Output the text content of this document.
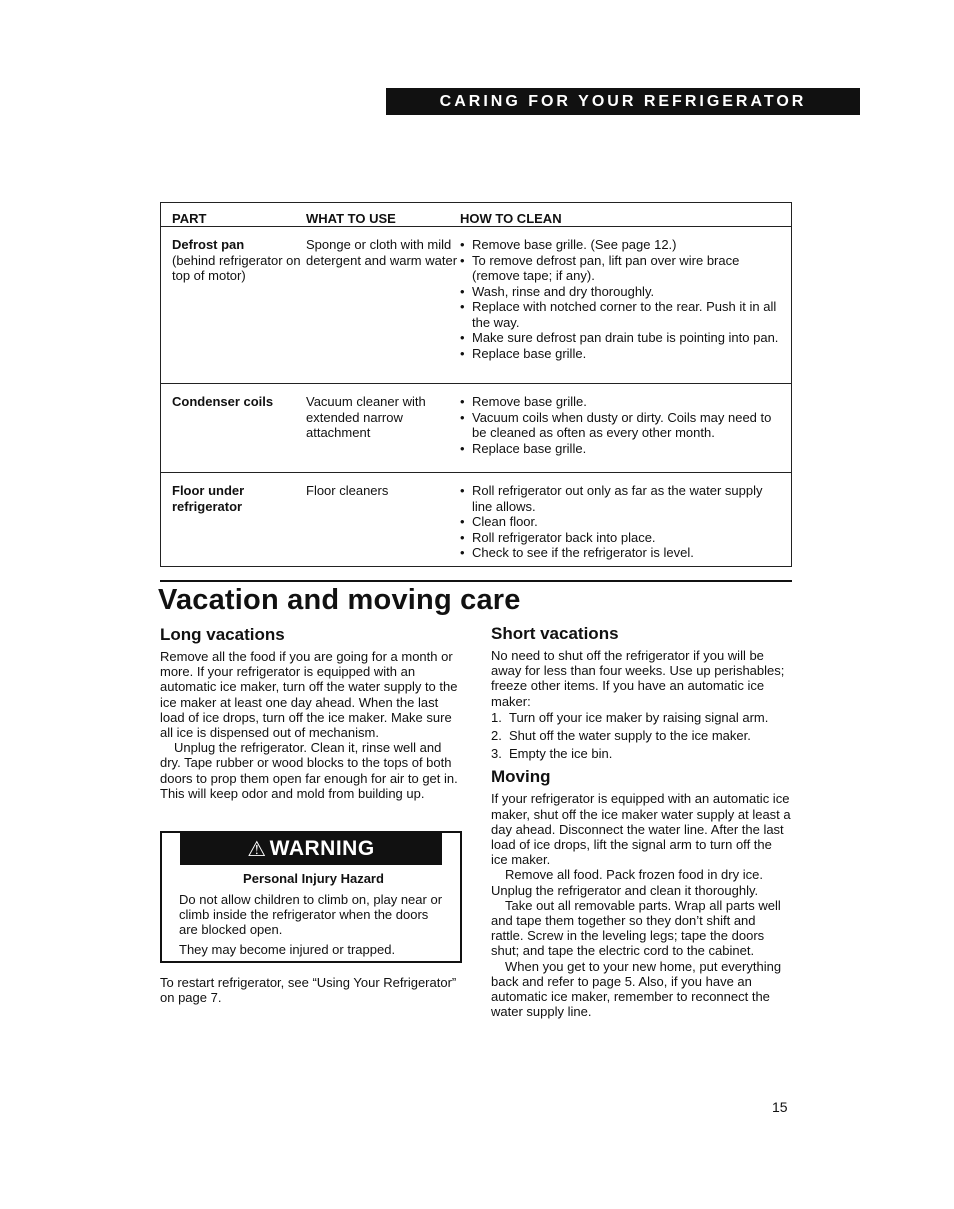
CARING FOR YOUR REFRIGERATOR
PART	WHAT TO USE	HOW TO CLEAN
Defrost pan
(behind refrigerator on top of motor)
Sponge or cloth with mild detergent and warm water
• Remove base grille. (See page 12.)
• To remove defrost pan, lift pan over wire brace (remove tape; if any).
• Wash, rinse and dry thoroughly.
• Replace with notched corner to the rear. Push it in all the way.
• Make sure defrost pan drain tube is pointing into pan.
• Replace base grille.
Condenser coils	Vacuum cleaner with extended narrow attachment
• Remove base grille.
• Vacuum coils when dusty or dirty. Coils may need to be cleaned as often as every other month.
• Replace base grille.
Floor under refrigerator
Floor cleaners
•	Roll refrigerator out only as far as the water supply line allows.
• Clean floor.
• Roll refrigerator back into place.
• Check to see if the refrigerator is level.
Vacation and moving care
Long vacations

Remove all the food if you are going for a month or more. If your refrigerator is equipped with an automatic ice maker, turn off the water supply to the ice maker at least one day ahead. When the last load of ice drops, turn off the ice maker. Make sure all ice is dispensed out of mechanism.

Unplug the refrigerator. Clean it, rinse well and dry. Tape rubber or wood blocks to the tops of both doors to prop them open far enough for air to get in. This will keep odor and mold from building up.

⚠ WARNING

Personal Injury Hazard

Do not allow children to climb on, play near or climb inside the refrigerator when the doors are blocked open.

They may become injured or trapped.

To restart refrigerator, see “Using Your Refrigerator” on page 7.

Short vacations

No need to shut off the refrigerator if you will be away for less than four weeks. Use up perishables; freeze other items. If you have an automatic ice maker:

1. Turn off your ice maker by raising signal arm.
2. Shut off the water supply to the ice maker.
3. Empty the ice bin.
Moving

If your refrigerator is equipped with an automatic ice maker, shut off the ice maker water supply at least a day ahead. Disconnect the water line. After the last load of ice drops, lift the signal arm to turn off the ice maker.

Remove all food. Pack frozen food in dry ice. Unplug the refrigerator and clean it thoroughly.

Take out all removable parts. Wrap all parts well and tape them together so they don’t shift and rattle. Screw in the leveling legs; tape the doors shut; and tape the electric cord to the cabinet.

When you get to your new home, put everything back and refer to page 5. Also, if you have an automatic ice maker, remember to reconnect the water supply line.

15
